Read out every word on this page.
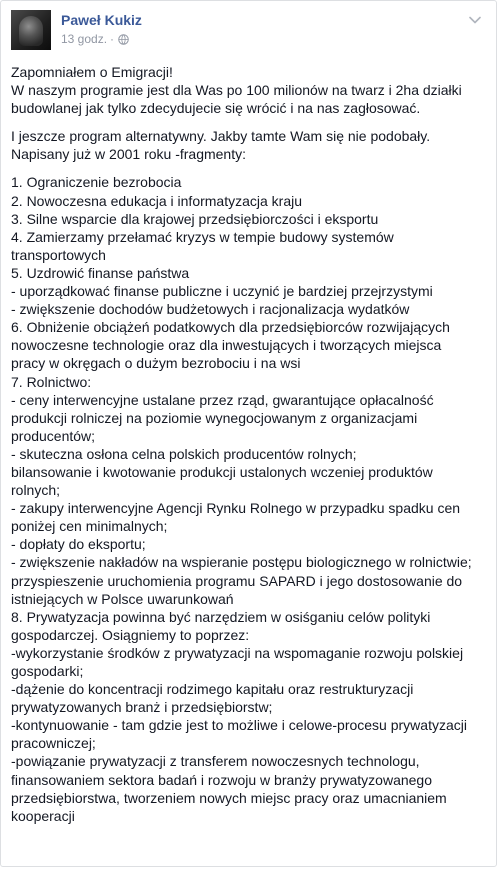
Paweł Kukiz
13 godz. ·

Zapomniałem o Emigracji!
W naszym programie jest dla Was po 100 milionów na twarz i 2ha działki
budowlanej jak tylko zdecydujecie się wrócić i na nas zagłosować.

I jeszcze program alternatywny. Jakby tamte Wam się nie podobały.
Napisany już w 2001 roku -fragmenty:

1. Ograniczenie bezrobocia
2. Nowoczesna edukacja i informatyzacja kraju
3. Silne wsparcie dla krajowej przedsiębiorczości i eksportu
4. Zamierzamy przełamać kryzys w tempie budowy systemów
transportowych
5. Uzdrowić finanse państwa
- uporządkować finanse publiczne i uczynić je bardziej przejrzystymi
- zwiększenie dochodów budżetowych i racjonalizacja wydatków
6. Obniżenie obciążeń podatkowych dla przedsiębiorców rozwijających
nowoczesne technologie oraz dla inwestujących i tworzących miejsca
pracy w okręgach o dużym bezrobociu i na wsi
7. Rolnictwo:
- ceny interwencyjne ustalane przez rząd, gwarantujące opłacalność
produkcji rolniczej na poziomie wynegocjowanym z organizacjami
producentów;
- skuteczna osłona celna polskich producentów rolnych;
bilansowanie i kwotowanie produkcji ustalonych wczeniej produktów
rolnych;
- zakupy interwencyjne Agencji Rynku Rolnego w przypadku spadku cen
poniżej cen minimalnych;
- dopłaty do eksportu;
- zwiększenie nakładów na wspieranie postępu biologicznego w rolnictwie;
przyspieszenie uruchomienia programu SAPARD i jego dostosowanie do
istniejących w Polsce uwarunkowań
8. Prywatyzacja powinna być narzędziem w osiśganiu celów polityki
gospodarczej. Osiągniemy to poprzez:
-wykorzystanie środków z prywatyzacji na wspomaganie rozwoju polskiej
gospodarki;
-dążenie do koncentracji rodzimego kapitału oraz restrukturyzacji
prywatyzowanych branż i przedsiębiorstw;
-kontynuowanie - tam gdzie jest to możliwe i celowe-procesu prywatyzacji
pracowniczej;
-powiązanie prywatyzacji z transferem nowoczesnych technologu,
finansowaniem sektora badań i rozwoju w branży prywatyzowanego
przedsiębiorstwa, tworzeniem nowych miejsc pracy oraz umacnianiem
kooperacji
